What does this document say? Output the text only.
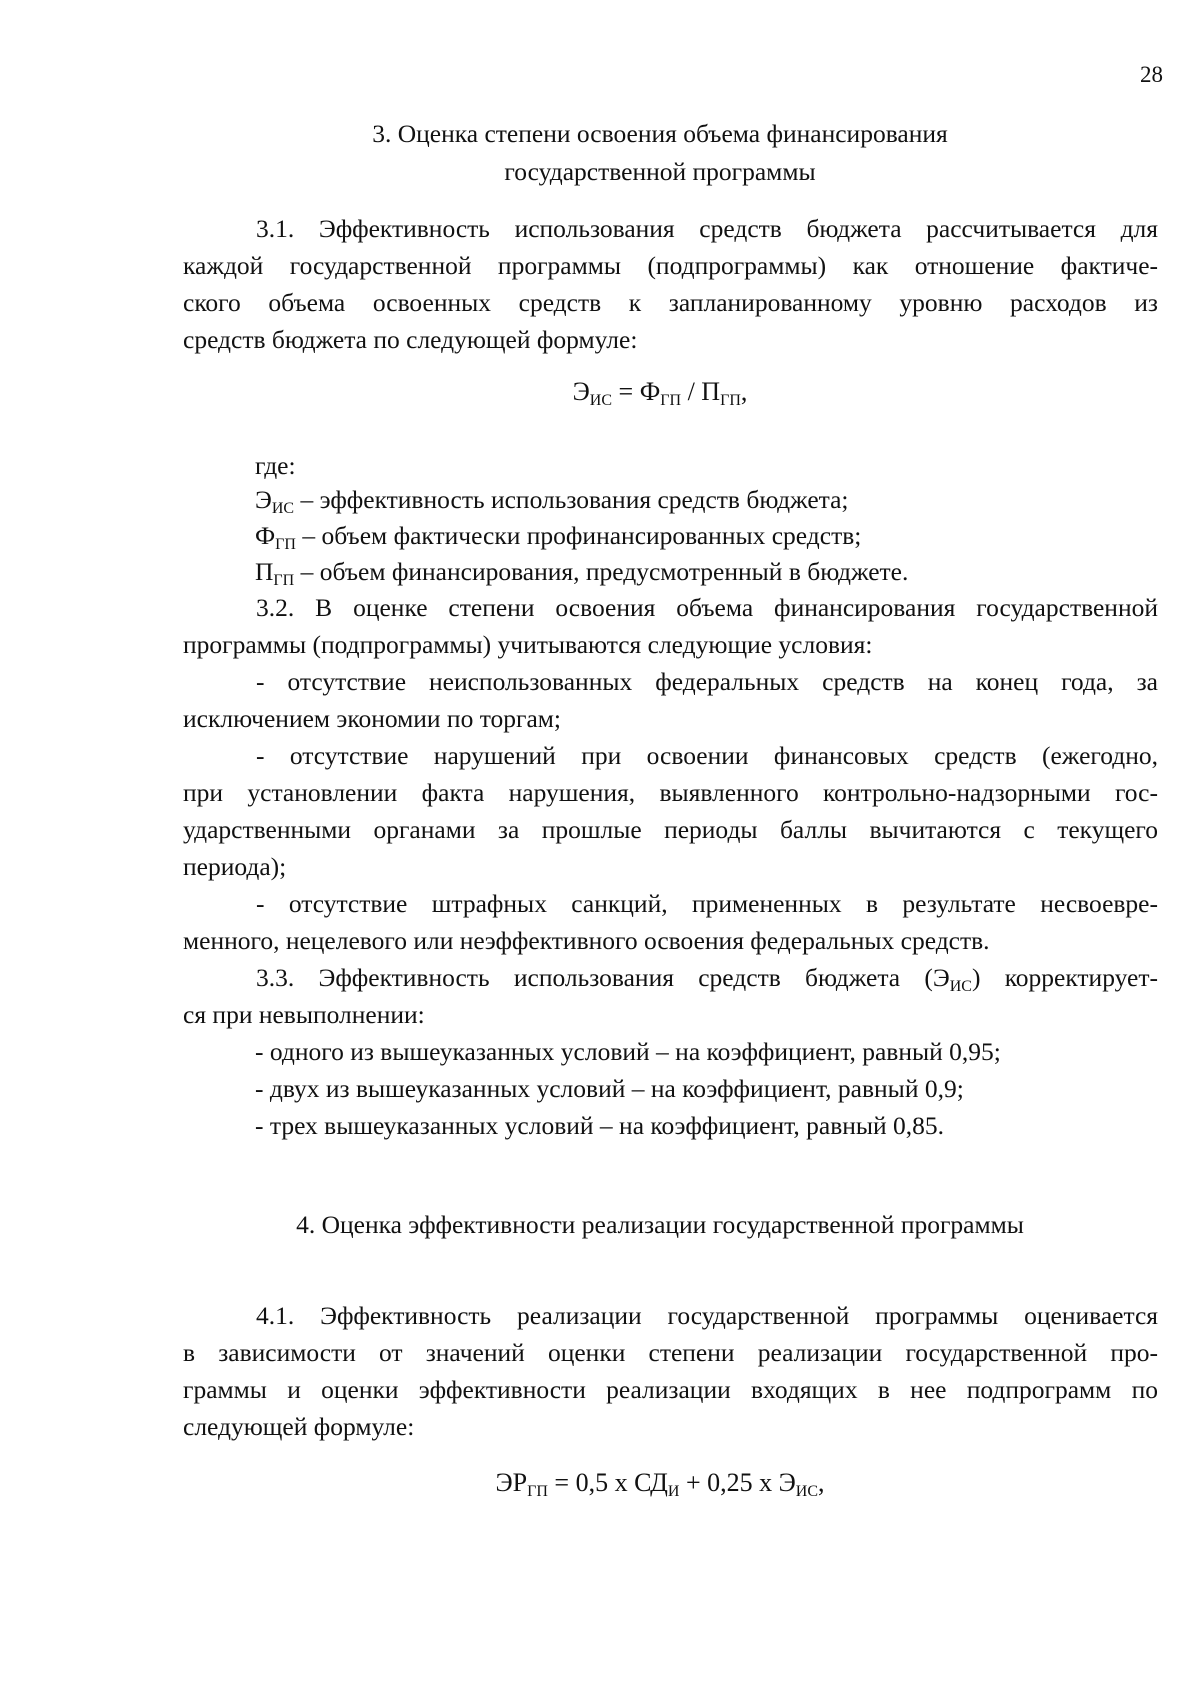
28
3. Оценка степени освоения объема финансирования
государственной программы
3.1. Эффективность использования средств бюджета рассчитывается для
каждой государственной программы (подпрограммы) как отношение фактиче-
ского объема освоенных средств к запланированному уровню расходов из
средств бюджета по следующей формуле:
$Э_{ИС} = Ф_{ГП} / П_{ГП}$,
где:
$Э_{ИС}$ – эффективность использования средств бюджета;
$Ф_{ГП}$ – объем фактически профинансированных средств;
$П_{ГП}$ – объем финансирования, предусмотренный в бюджете.
3.2. В оценке степени освоения объема финансирования государственной
программы (подпрограммы) учитываются следующие условия:
- отсутствие неиспользованных федеральных средств на конец года, за
исключением экономии по торгам;
- отсутствие нарушений при освоении финансовых средств (ежегодно,
при установлении факта нарушения, выявленного контрольно-надзорными гос-
ударственными органами за прошлые периоды баллы вычитаются с текущего
периода);
- отсутствие штрафных санкций, примененных в результате несвоевре-
менного, нецелевого или неэффективного освоения федеральных средств.
3.3. Эффективность использования средств бюджета $(Э_{ИС})$ корректирует-
ся при невыполнении:
- одного из вышеуказанных условий – на коэффициент, равный 0,95;
- двух из вышеуказанных условий – на коэффициент, равный 0,9;
- трех вышеуказанных условий – на коэффициент, равный 0,85.
4. Оценка эффективности реализации государственной программы
4.1. Эффективность реализации государственной программы оценивается
в зависимости от значений оценки степени реализации государственной про-
граммы и оценки эффективности реализации входящих в нее подпрограмм по
следующей формуле:
$ЭР_{ГП} = 0,5$ x $СД_И + 0,25$ x $Э_{ИС}$,
